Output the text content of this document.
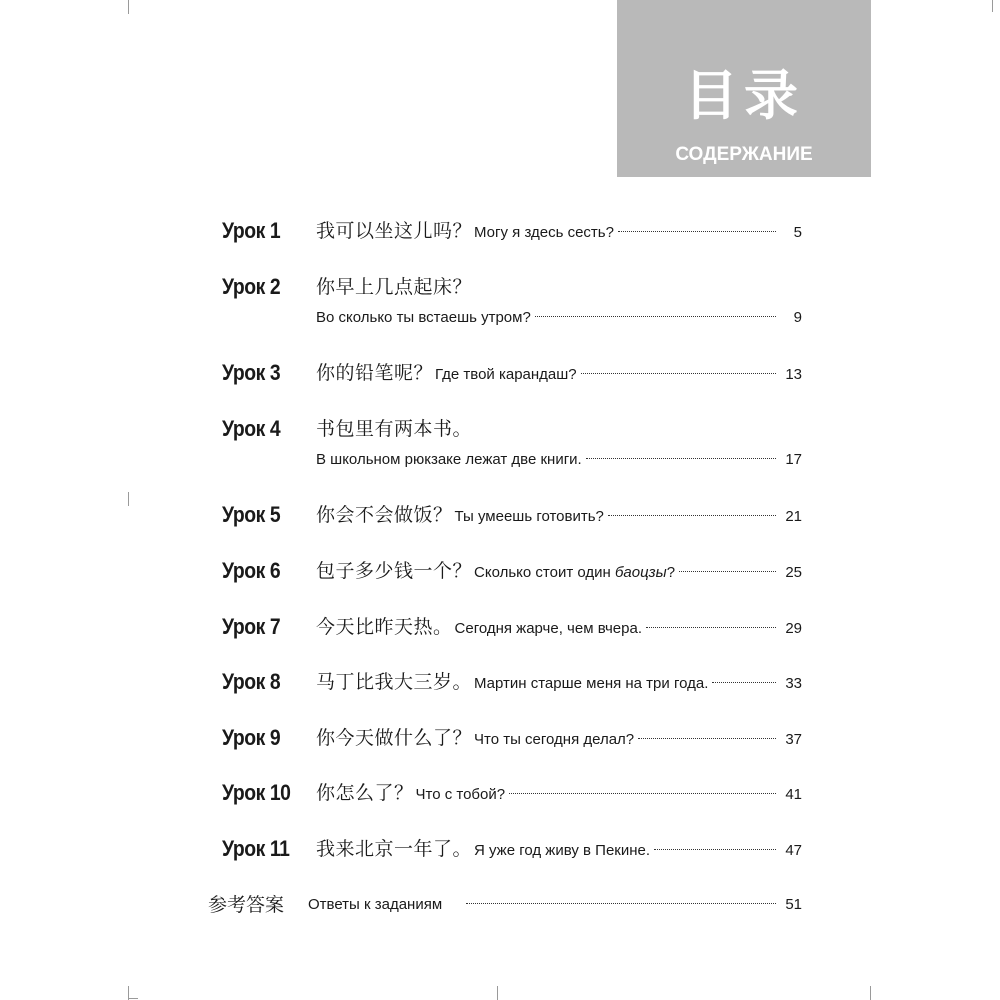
目录
СОДЕРЖАНИЕ
Урок 1	我可以坐这儿吗？ Могу я здесь сесть?	5
Урок 2	你早上几点起床？
Во сколько ты встаешь утром?	9
Урок 3	你的铅笔呢？ Где твой карандаш?	13
Урок 4	书包里有两本书。
В школьном рюкзаке лежат две книги.	17
Урок 5	你会不会做饭？ Ты умеешь готовить?	21
Урок 6	包子多少钱一个？ Сколько стоит один баоцзы?	25
Урок 7	今天比昨天热。 Сегодня жарче, чем вчера.	29
Урок 8	马丁比我大三岁。 Мартин старше меня на три года.	33
Урок 9	你今天做什么了？ Что ты сегодня делал?	37
Урок 10	你怎么了？ Что с тобой?	41
Урок 11	我来北京一年了。 Я уже год живу в Пекине.	47
参考答案 Ответы к заданиям	51
